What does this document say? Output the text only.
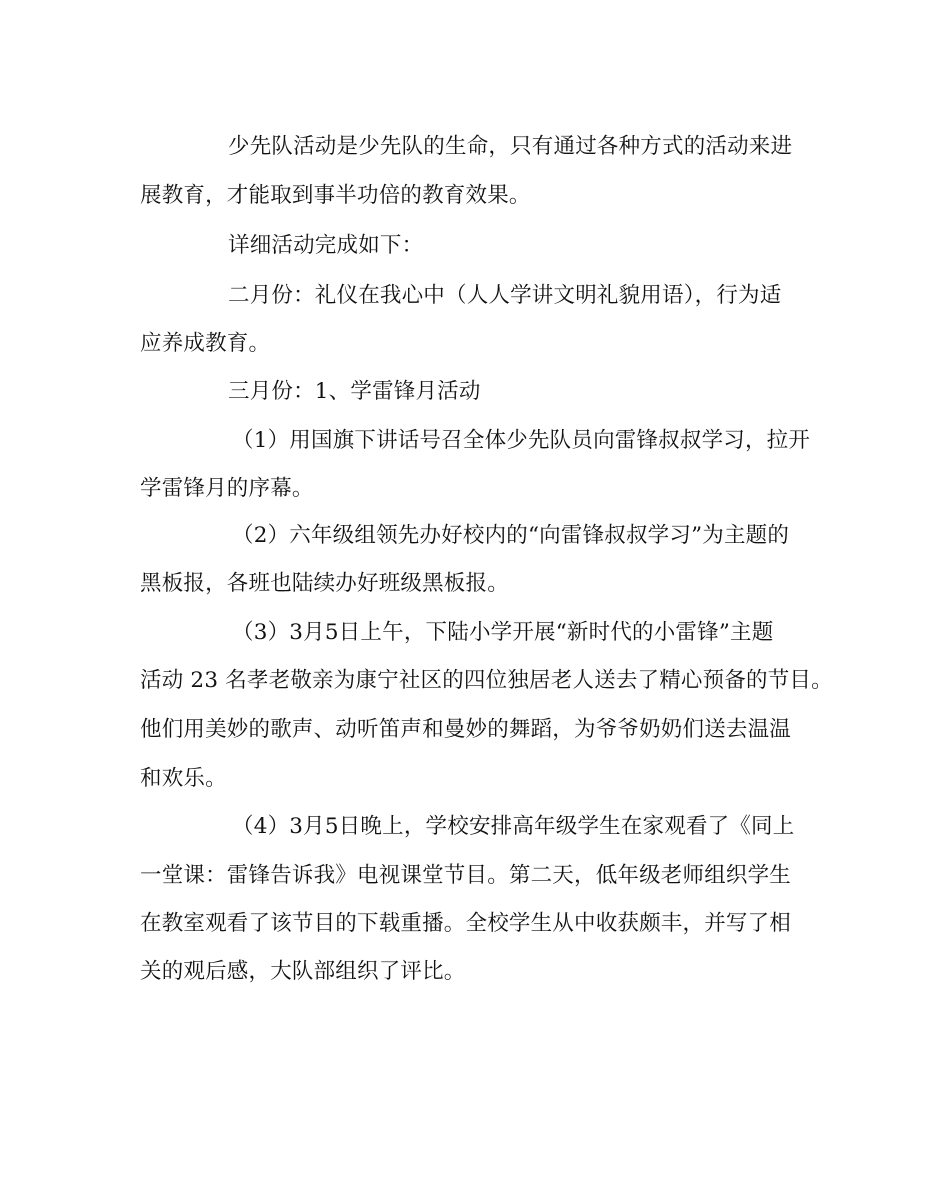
少先队活动是少先队的生命，只有通过各种方式的活动来进
展教育，才能取到事半功倍的教育效果。
详细活动完成如下：
二月份：礼仪在我心中（人人学讲文明礼貌用语），行为适
应养成教育。
三月份：1、学雷锋月活动
（1）用国旗下讲话号召全体少先队员向雷锋叔叔学习，拉开
学雷锋月的序幕。
（2）六年级组领先办好校内的“向雷锋叔叔学习”为主题的
黑板报，各班也陆续办好班级黑板报。
（3）3月5日上午，下陆小学开展“新时代的小雷锋”主题
活动 23 名孝老敬亲为康宁社区的四位独居老人送去了精心预备的节目。
他们用美妙的歌声、动听笛声和曼妙的舞蹈，为爷爷奶奶们送去温温
和欢乐。
（4）3月5日晚上，学校安排高年级学生在家观看了《同上
一堂课：雷锋告诉我》电视课堂节目。第二天，低年级老师组织学生
在教室观看了该节目的下载重播。全校学生从中收获颇丰，并写了相
关的观后感，大队部组织了评比。
